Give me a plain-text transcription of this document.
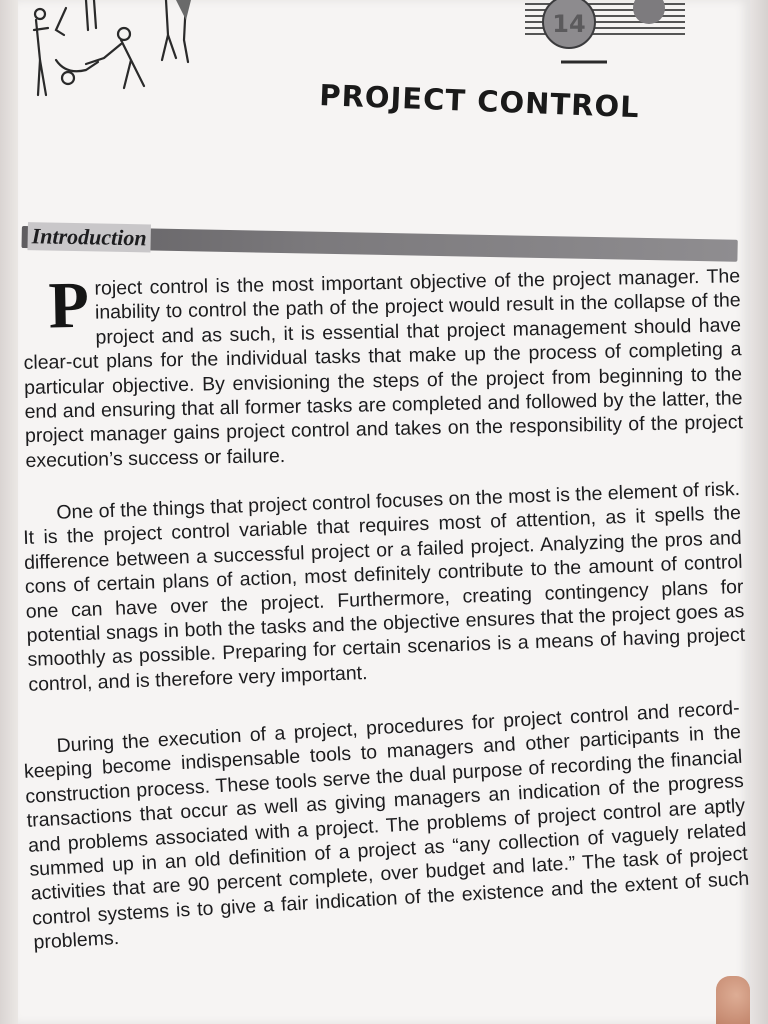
14
PROJECT CONTROL
Introduction

P roject control is the most important objective of the project manager. The inability to control the path of the project would result in the collapse of the project and as such, it is essential that project management should have clear-cut plans for the individual tasks that make up the process of completing a particular objective. By envisioning the steps of the project from beginning to the end and ensuring that all former tasks are completed and followed by the latter, the project manager gains project control and takes on the responsibility of the project execution’s success or failure.

One of the things that project control focuses on the most is the element of risk. It is the project control variable that requires most of attention, as it spells the difference between a successful project or a failed project. Analyzing the pros and cons of certain plans of action, most definitely contribute to the amount of control one can have over the project. Furthermore, creating contingency plans for potential snags in both the tasks and the objective ensures that the project goes as smoothly as possible. Preparing for certain scenarios is a means of having project control, and is therefore very important.

During the execution of a project, procedures for project control and record-keeping become indispensable tools to managers and other participants in the construction process. These tools serve the dual purpose of recording the financial transactions that occur as well as giving managers an indication of the progress and problems associated with a project. The problems of project control are aptly summed up in an old definition of a project as “any collection of vaguely related activities that are 90 percent complete, over budget and late.” The task of project control systems is to give a fair indication of the existence and the extent of such problems.
